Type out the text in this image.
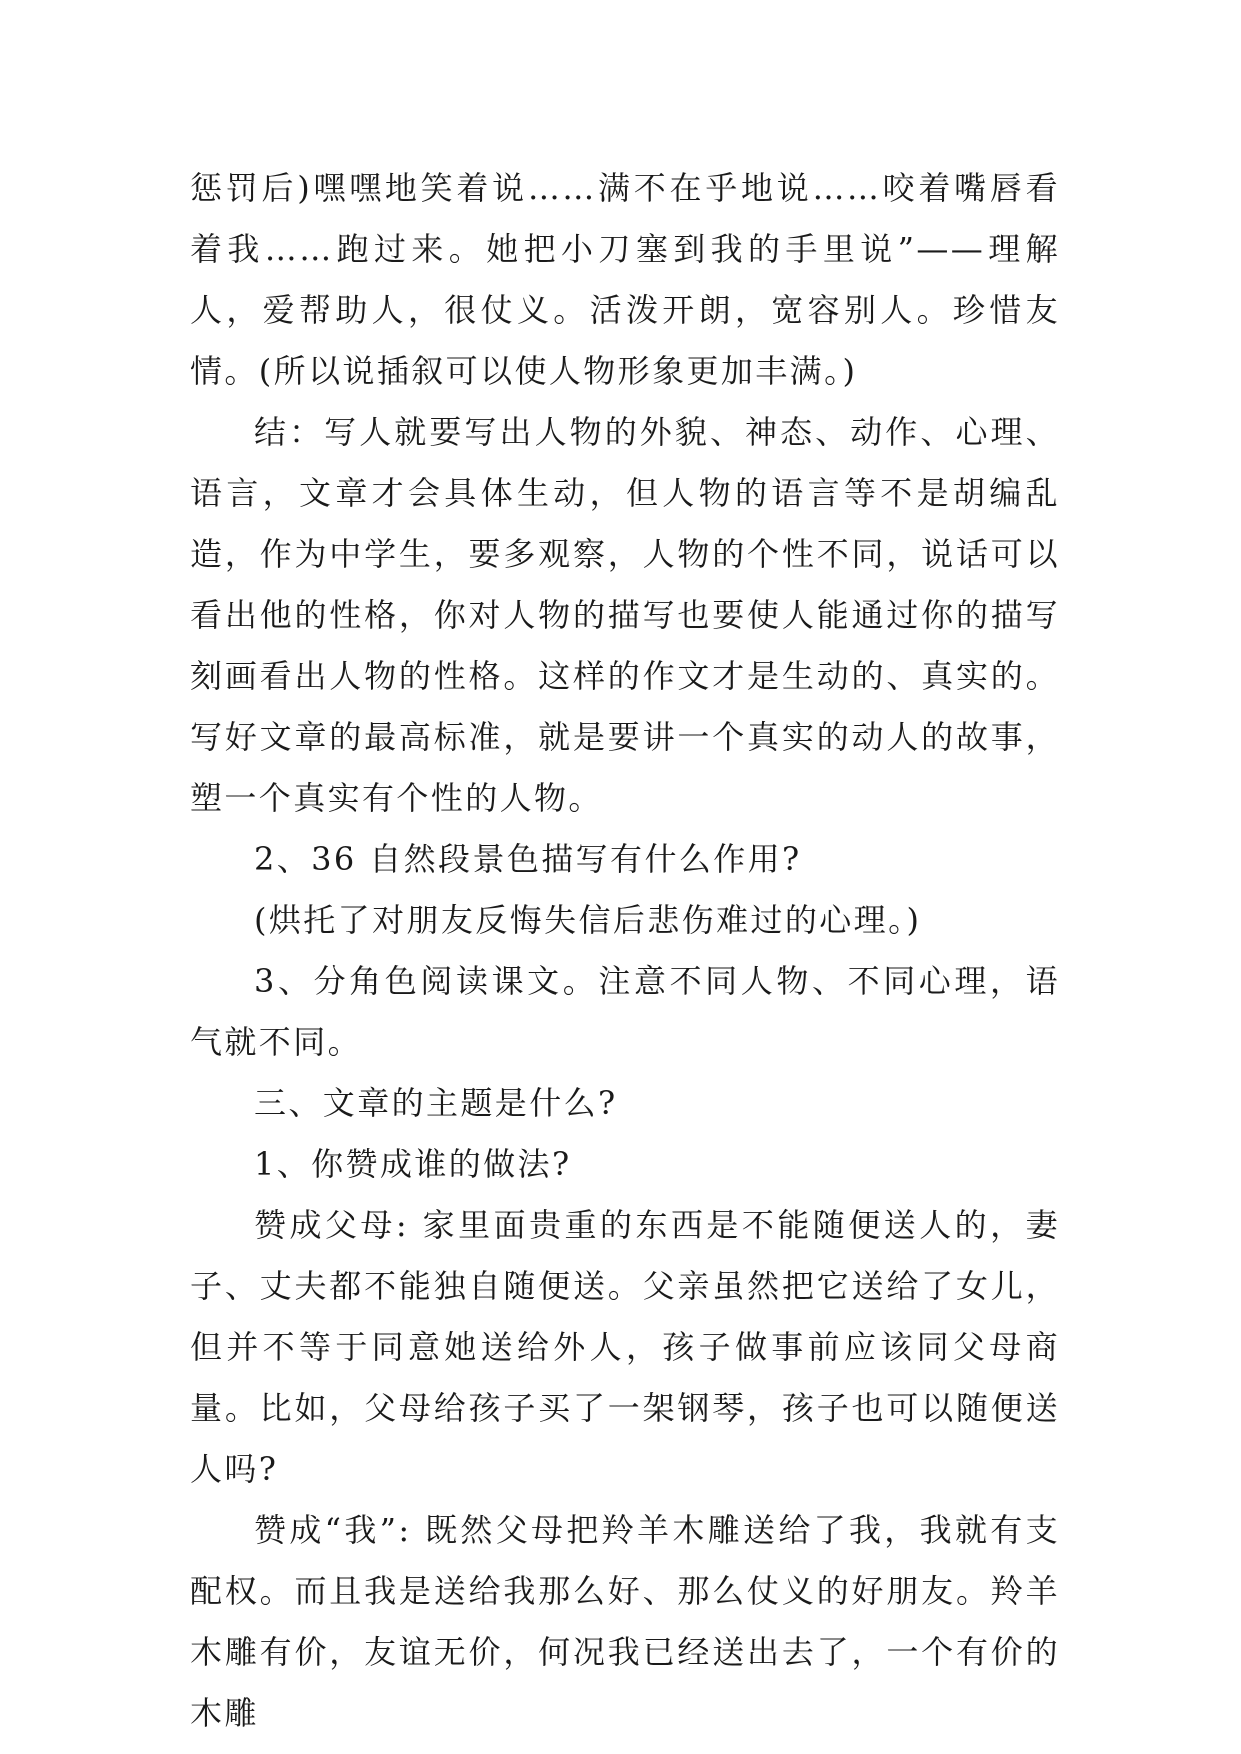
惩罚后)嘿嘿地笑着说……满不在乎地说……咬着嘴唇看着我……跑过来。她把小刀塞到我的手里说”——理解人，爱帮助人，很仗义。活泼开朗，宽容别人。珍惜友情。(所以说插叙可以使人物形象更加丰满。)

结：写人就要写出人物的外貌、神态、动作、心理、语言，文章才会具体生动，但人物的语言等不是胡编乱造，作为中学生，要多观察，人物的个性不同，说话可以看出他的性格，你对人物的描写也要使人能通过你的描写刻画看出人物的性格。这样的作文才是生动的、真实的。写好文章的最高标准，就是要讲一个真实的动人的故事，塑一个真实有个性的人物。

2、36 自然段景色描写有什么作用?

(烘托了对朋友反悔失信后悲伤难过的心理。)

3、分角色阅读课文。注意不同人物、不同心理，语气就不同。

三、文章的主题是什么?

1、你赞成谁的做法?

赞成父母: 家里面贵重的东西是不能随便送人的，妻子、丈夫都不能独自随便送。父亲虽然把它送给了女儿，但并不等于同意她送给外人，孩子做事前应该同父母商量。比如，父母给孩子买了一架钢琴，孩子也可以随便送人吗?

赞成“我”: 既然父母把羚羊木雕送给了我，我就有支配权。而且我是送给我那么好、那么仗义的好朋友。羚羊木雕有价，友谊无价，何况我已经送出去了，一个有价的木雕
